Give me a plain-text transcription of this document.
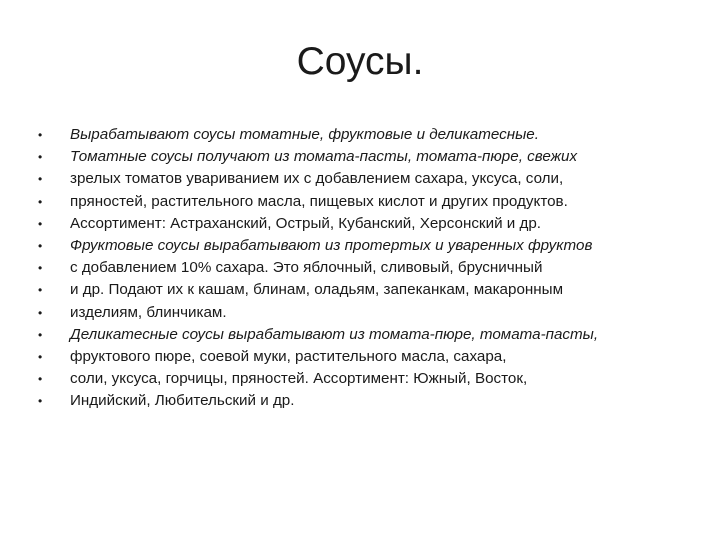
Соусы.
•	Вырабатывают соусы томатные, фруктовые и деликатесные.
•	Томатные соусы получают из томата-пасты, томата-пюре, свежих
•	зрелых томатов увариванием их с добавлением сахара, уксуса, соли,
•	пряностей, растительного масла, пищевых кислот и других продуктов.
•	Ассортимент: Астраханский, Острый, Кубанский, Херсонский и др.
•	Фруктовые соусы вырабатывают из протертых и уваренных фруктов
•	с добавлением 10% сахара. Это яблочный, сливовый, брусничный
•	и др. Подают их к кашам, блинам, оладьям, запеканкам, макаронным
•	изделиям, блинчикам.
•	Деликатесные соусы вырабатывают из томата-пюре, томата-пасты,
•	фруктового пюре, соевой муки, растительного масла, сахара,
•	соли, уксуса, горчицы, пряностей. Ассортимент: Южный, Восток,
•	Индийский, Любительский и др.
